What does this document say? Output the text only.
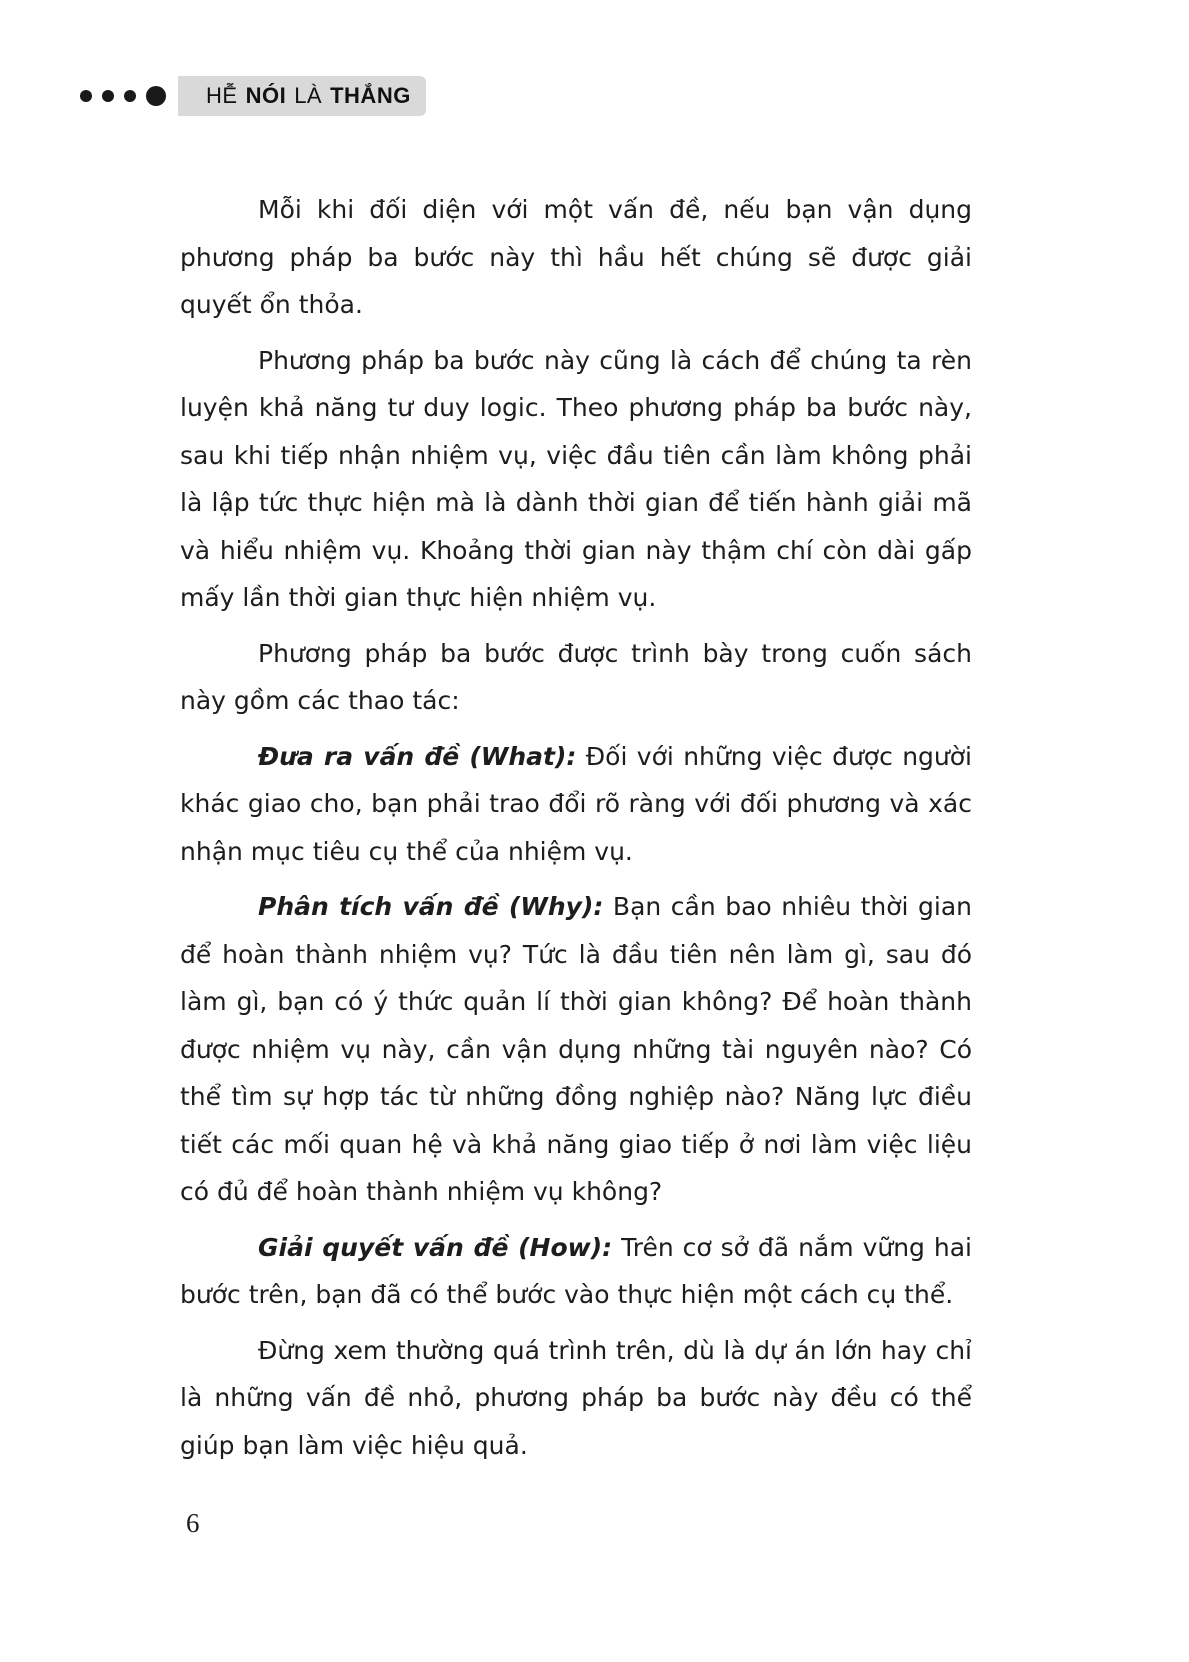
HỄ NÓI LÀ THẮNG

Mỗi khi đối diện với một vấn đề, nếu bạn vận dụng phương pháp ba bước này thì hầu hết chúng sẽ được giải quyết ổn thỏa.

Phương pháp ba bước này cũng là cách để chúng ta rèn luyện khả năng tư duy logic. Theo phương pháp ba bước này, sau khi tiếp nhận nhiệm vụ, việc đầu tiên cần làm không phải là lập tức thực hiện mà là dành thời gian để tiến hành giải mã và hiểu nhiệm vụ. Khoảng thời gian này thậm chí còn dài gấp mấy lần thời gian thực hiện nhiệm vụ.

Phương pháp ba bước được trình bày trong cuốn sách này gồm các thao tác:

Đưa ra vấn đề (What): Đối với những việc được người khác giao cho, bạn phải trao đổi rõ ràng với đối phương và xác nhận mục tiêu cụ thể của nhiệm vụ.

Phân tích vấn đề (Why): Bạn cần bao nhiêu thời gian để hoàn thành nhiệm vụ? Tức là đầu tiên nên làm gì, sau đó làm gì, bạn có ý thức quản lí thời gian không? Để hoàn thành được nhiệm vụ này, cần vận dụng những tài nguyên nào? Có thể tìm sự hợp tác từ những đồng nghiệp nào? Năng lực điều tiết các mối quan hệ và khả năng giao tiếp ở nơi làm việc liệu có đủ để hoàn thành nhiệm vụ không?

Giải quyết vấn đề (How): Trên cơ sở đã nắm vững hai bước trên, bạn đã có thể bước vào thực hiện một cách cụ thể.

Đừng xem thường quá trình trên, dù là dự án lớn hay chỉ là những vấn đề nhỏ, phương pháp ba bước này đều có thể giúp bạn làm việc hiệu quả.

6
